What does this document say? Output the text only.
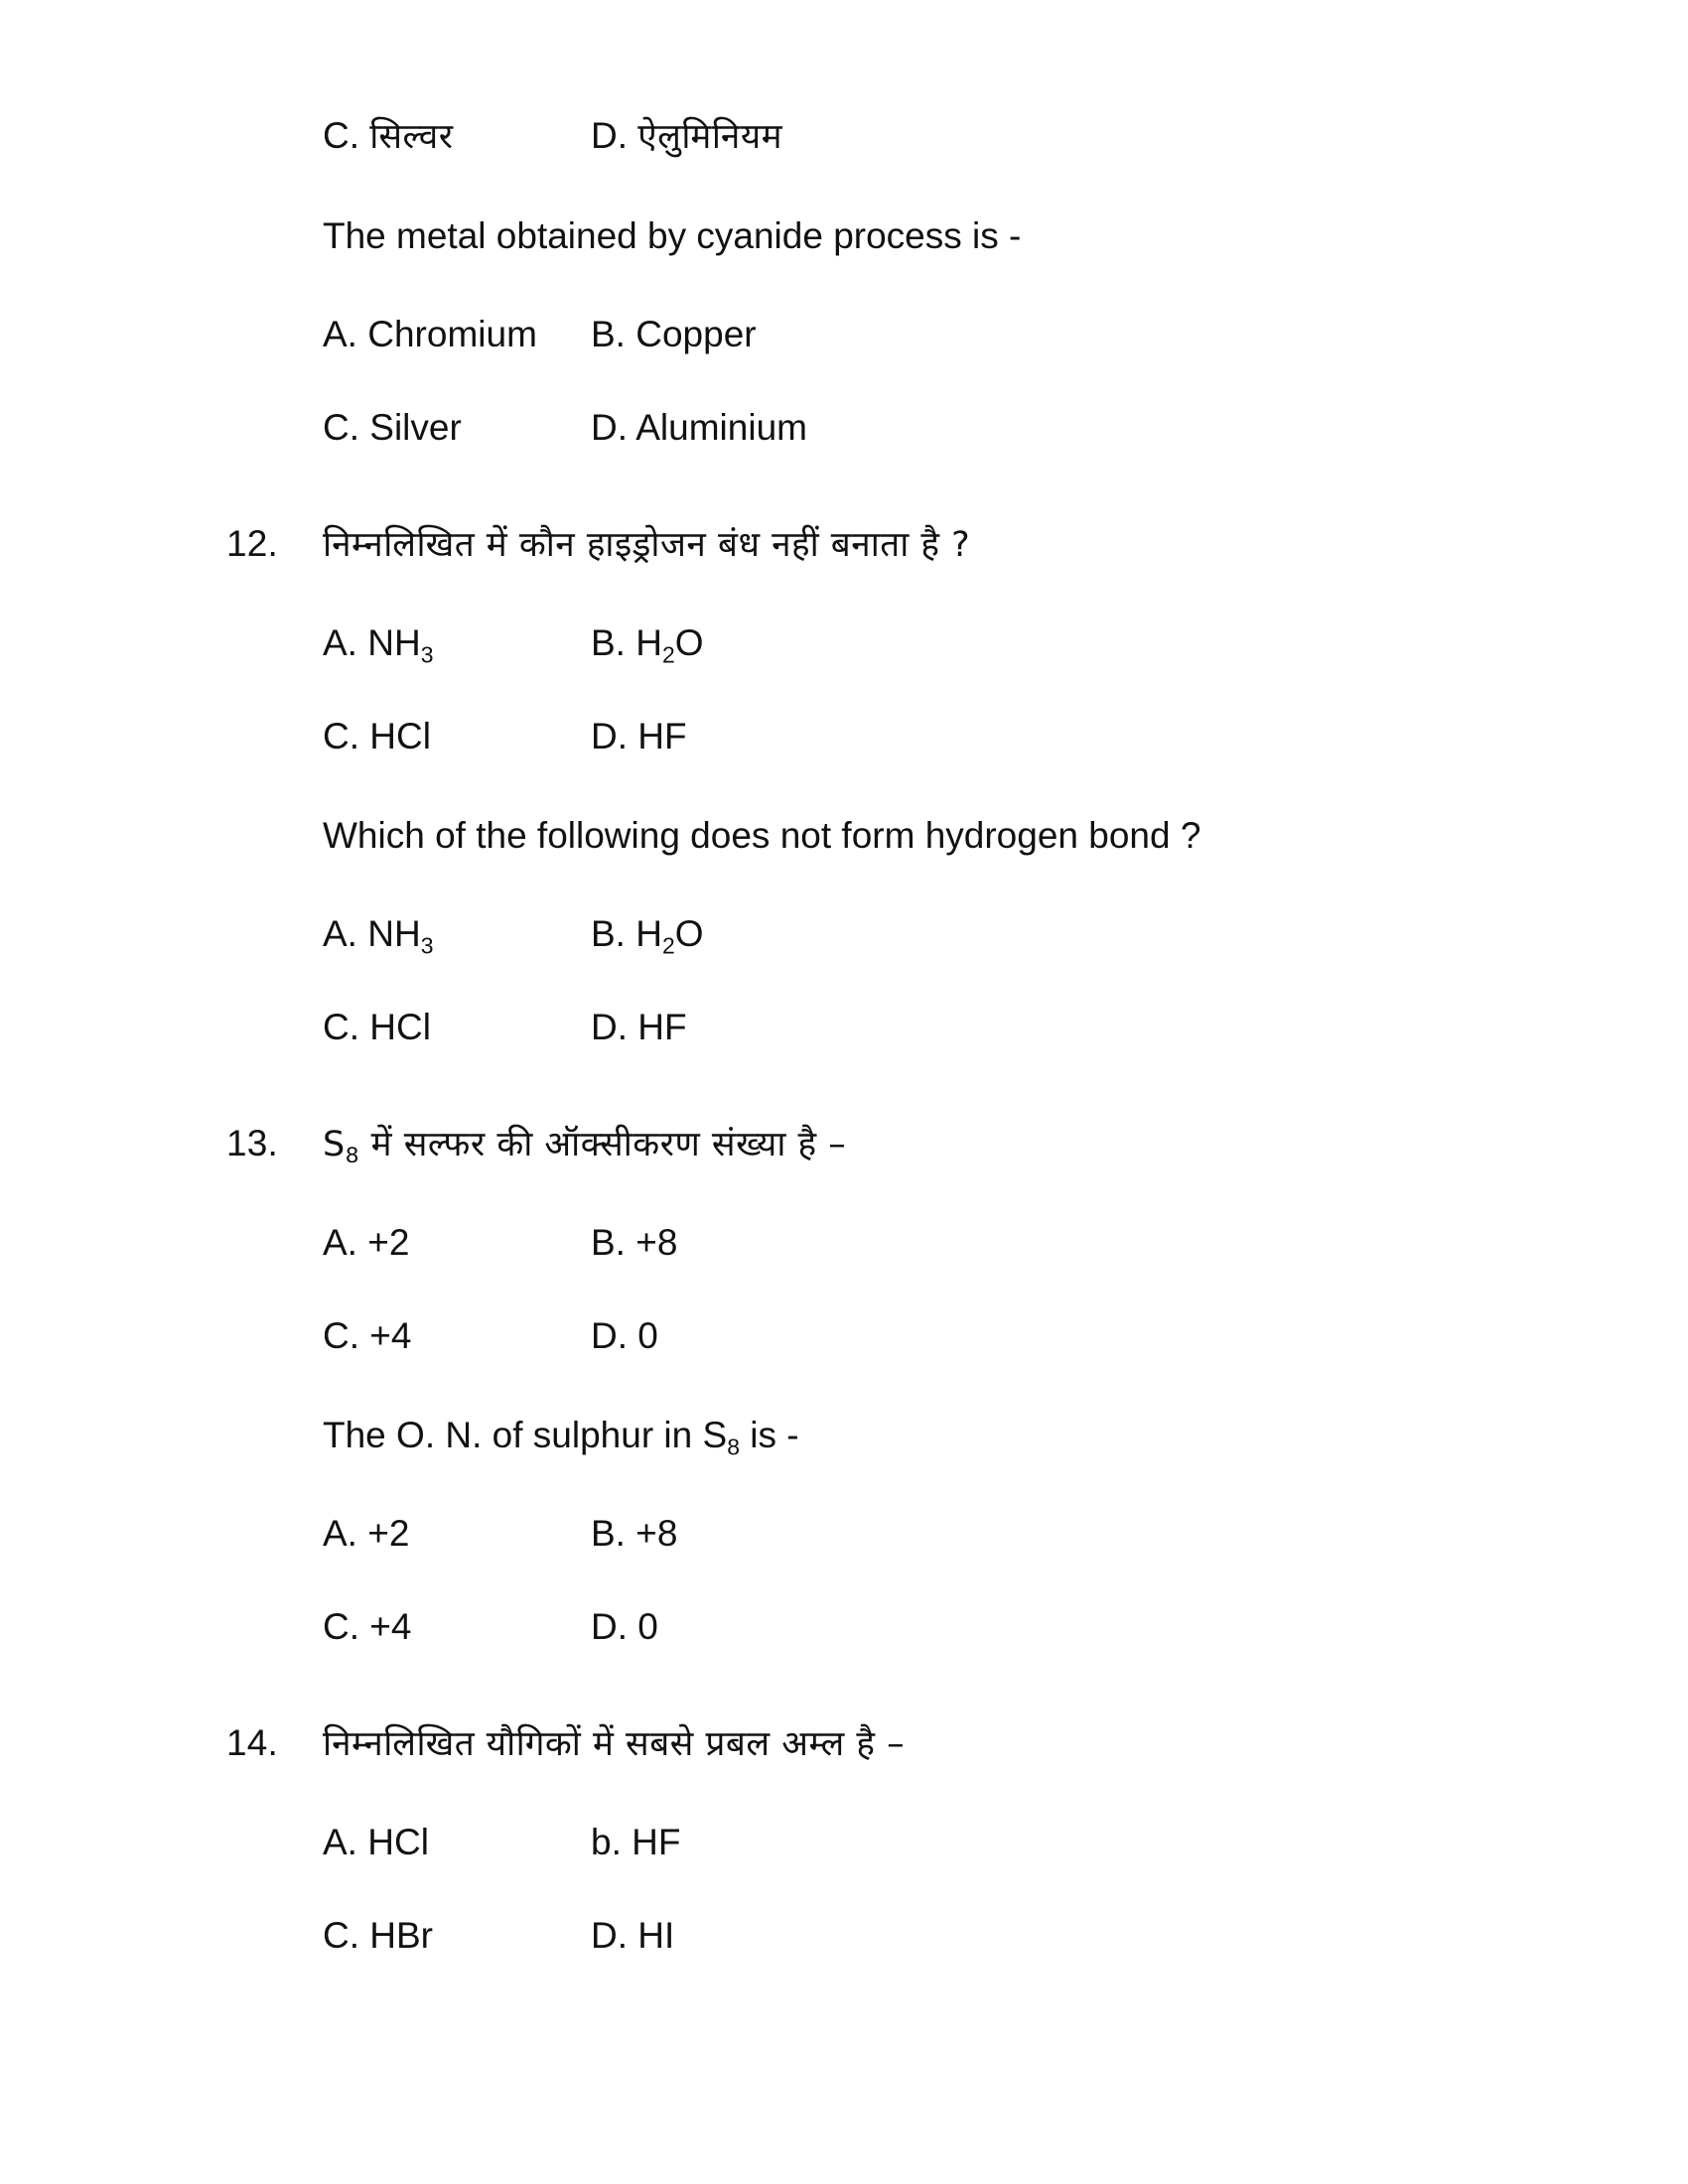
C. सिल्वर	D. ऐलुमिनियम
The metal obtained by cyanide process is -
A. Chromium	B. Copper
C. Silver	D. Aluminium
12.	निम्नलिखित में कौन हाइड्रोजन बंध नहीं बनाता है ?
A. $NH_3$	B. $H_2O$
C. HCl	D. HF
Which of the following does not form hydrogen bond ?
A. $NH_3$	B. $H_2O$
C. HCl	D. HF
13.	$S_8$ में सल्फर की ऑक्सीकरण संख्या है –
A. +2	B. +8
C. +4	D. 0
The O. N. of sulphur in $S_8$ is -
A. +2	B. +8
C. +4	D. 0
14.	निम्नलिखित यौगिकों में सबसे प्रबल अम्ल है –
A. HCl	b. HF
C. HBr	D. HI
